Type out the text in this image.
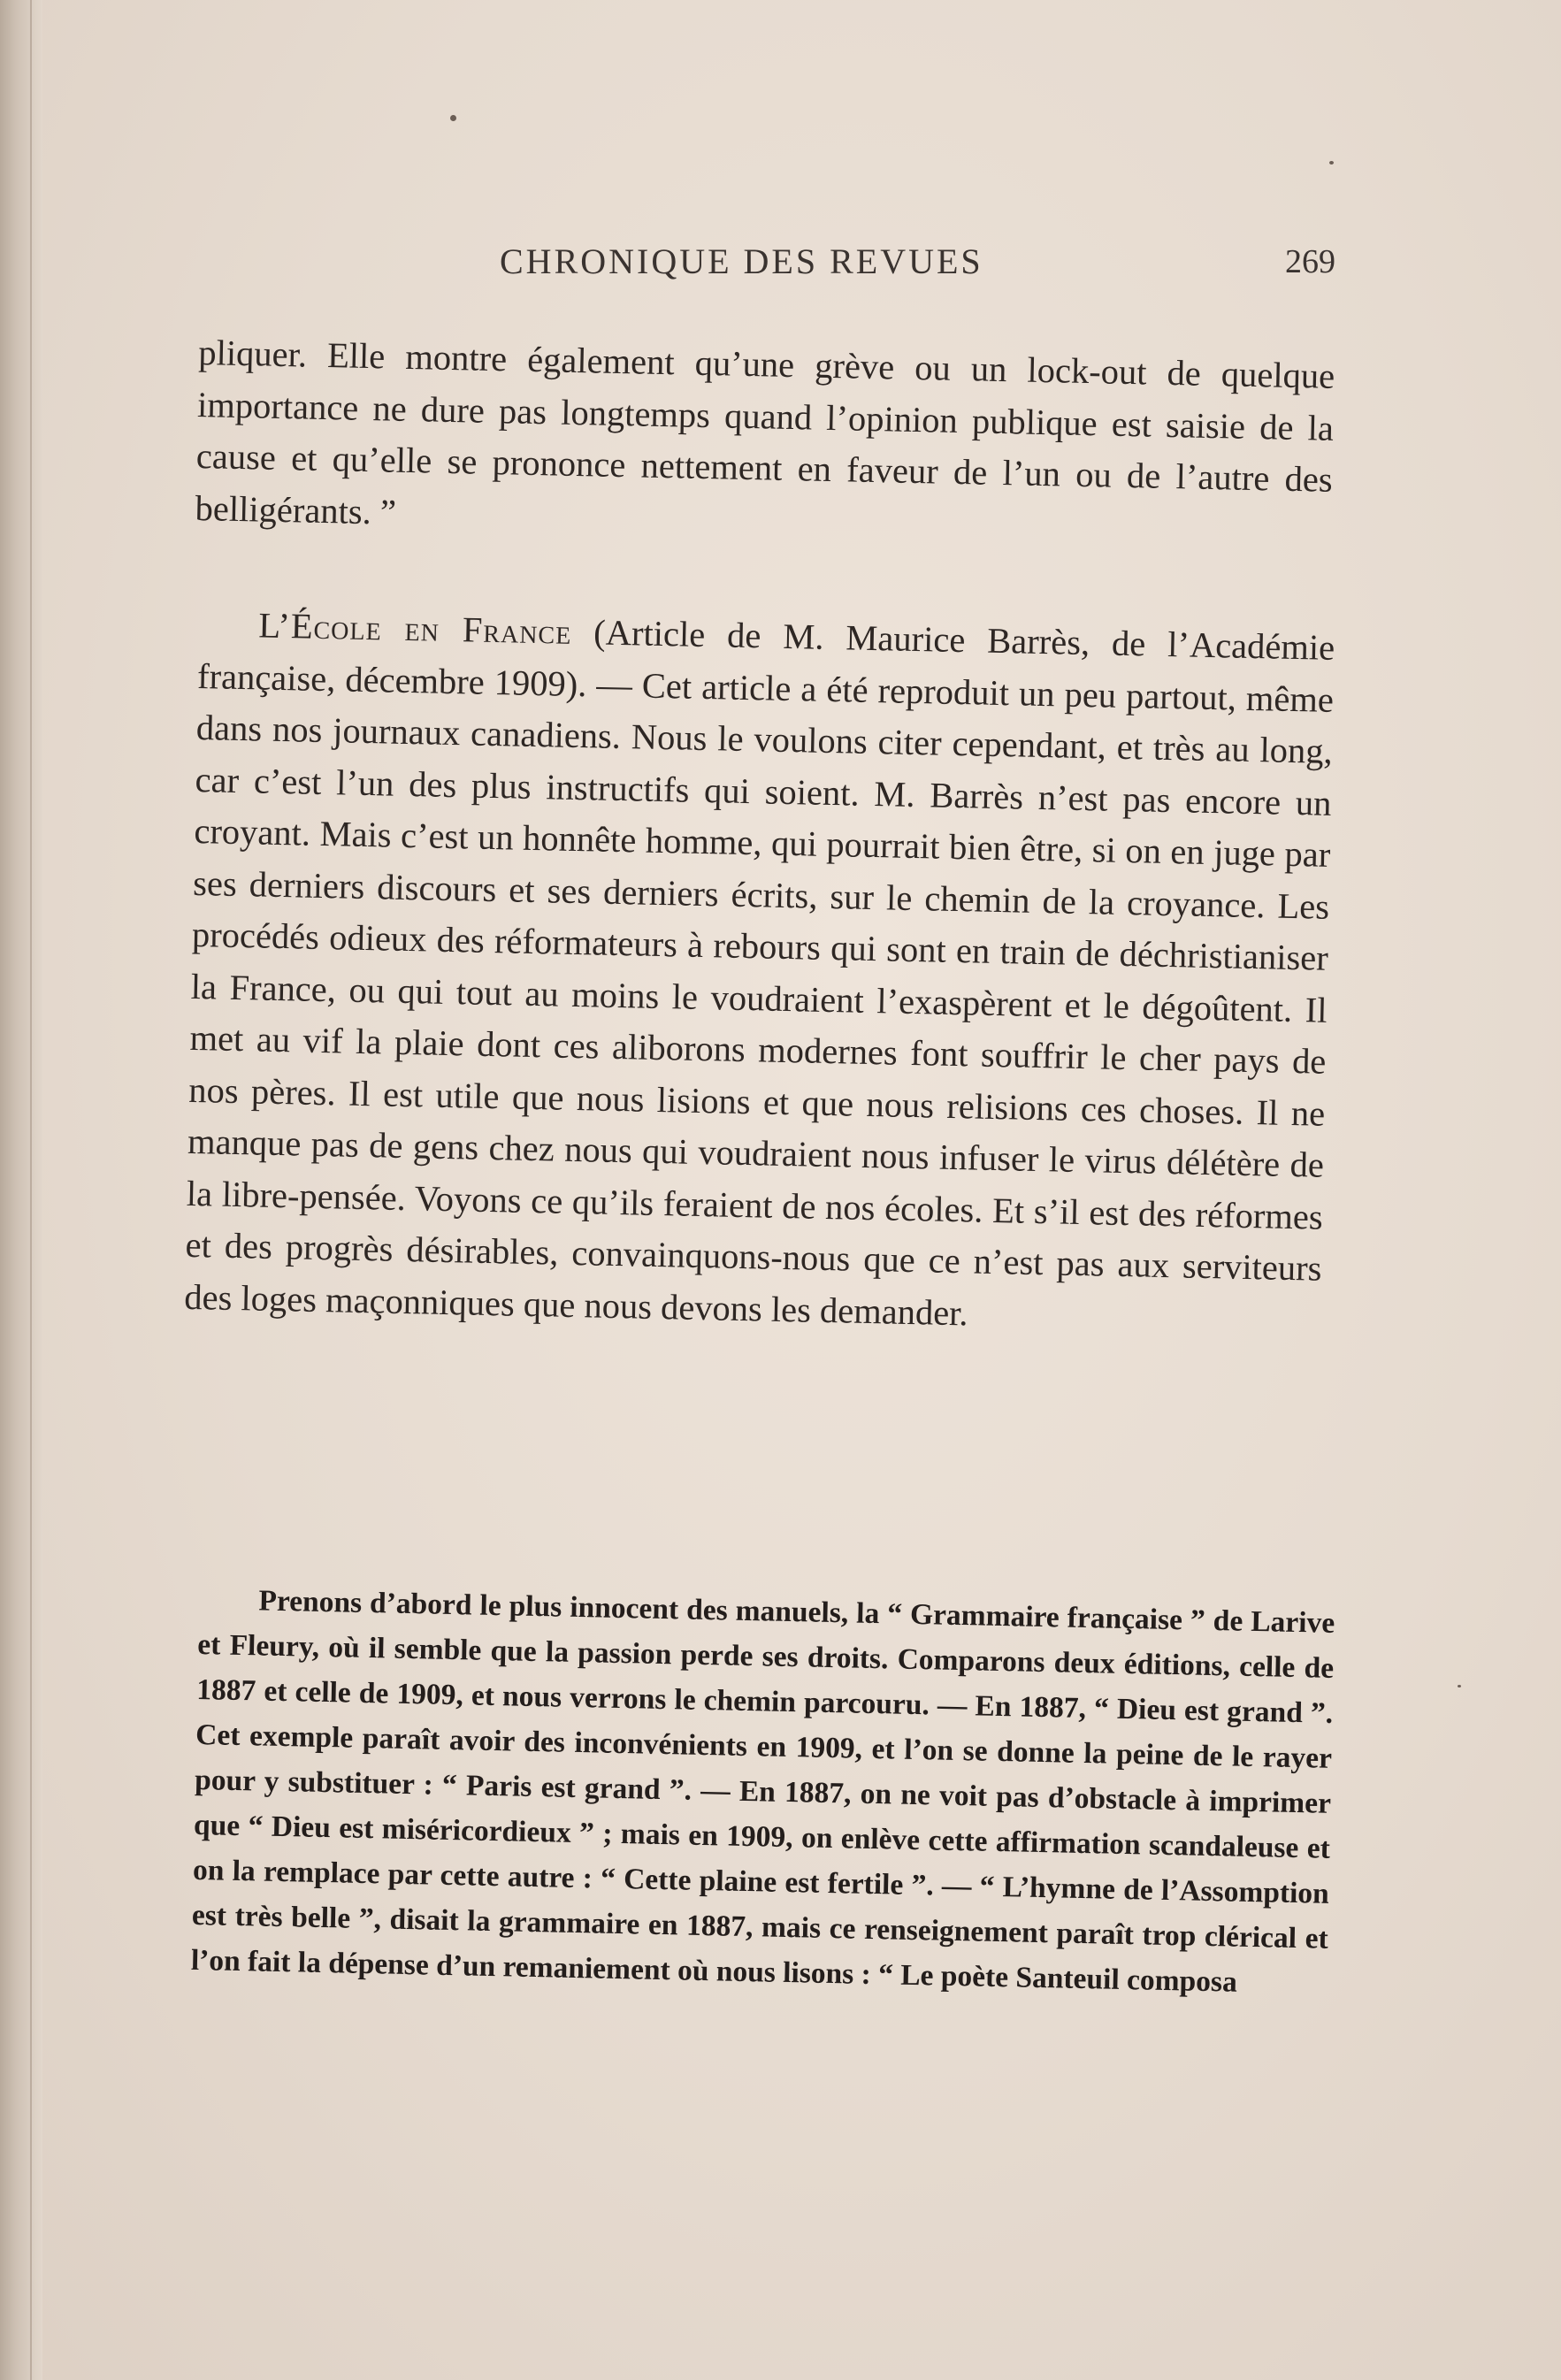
CHRONIQUE DES REVUES	269

pliquer. Elle montre également qu’une grève ou un lock-out de quelque importance ne dure pas longtemps quand l’opinion publique est saisie de la cause et qu’elle se prononce nettement en faveur de l’un ou de l’autre des belligérants. ”

L’École en France (Article de M. Maurice Barrès, de l’Académie française, décembre 1909). — Cet article a été reproduit un peu partout, même dans nos journaux canadiens. Nous le voulons citer cependant, et très au long, car c’est l’un des plus instructifs qui soient. M. Barrès n’est pas encore un croyant. Mais c’est un honnête homme, qui pourrait bien être, si on en juge par ses derniers discours et ses derniers écrits, sur le chemin de la croyance. Les procédés odieux des réformateurs à rebours qui sont en train de déchristianiser la France, ou qui tout au moins le voudraient l’exaspèrent et le dégoûtent. Il met au vif la plaie dont ces aliborons modernes font souffrir le cher pays de nos pères. Il est utile que nous lisions et que nous relisions ces choses. Il ne manque pas de gens chez nous qui voudraient nous infuser le virus délétère de la libre-pensée. Voyons ce qu’ils feraient de nos écoles. Et s’il est des réformes et des progrès désirables, convainquons-nous que ce n’est pas aux serviteurs des loges maçonniques que nous devons les demander.

Prenons d’abord le plus innocent des manuels, la “ Grammaire française ” de Larive et Fleury, où il semble que la passion perde ses droits. Comparons deux éditions, celle de 1887 et celle de 1909, et nous verrons le chemin parcouru. — En 1887, “ Dieu est grand ”. Cet exemple paraît avoir des inconvénients en 1909, et l’on se donne la peine de le rayer pour y substituer : “ Paris est grand ”. — En 1887, on ne voit pas d’obstacle à imprimer que “ Dieu est miséricordieux ” ; mais en 1909, on enlève cette affirmation scandaleuse et on la remplace par cette autre : “ Cette plaine est fertile ”. — “ L’hymne de l’Assomption est très belle ”, disait la grammaire en 1887, mais ce renseignement paraît trop clérical et l’on fait la dépense d’un remaniement où nous lisons : “ Le poète Santeuil composa
